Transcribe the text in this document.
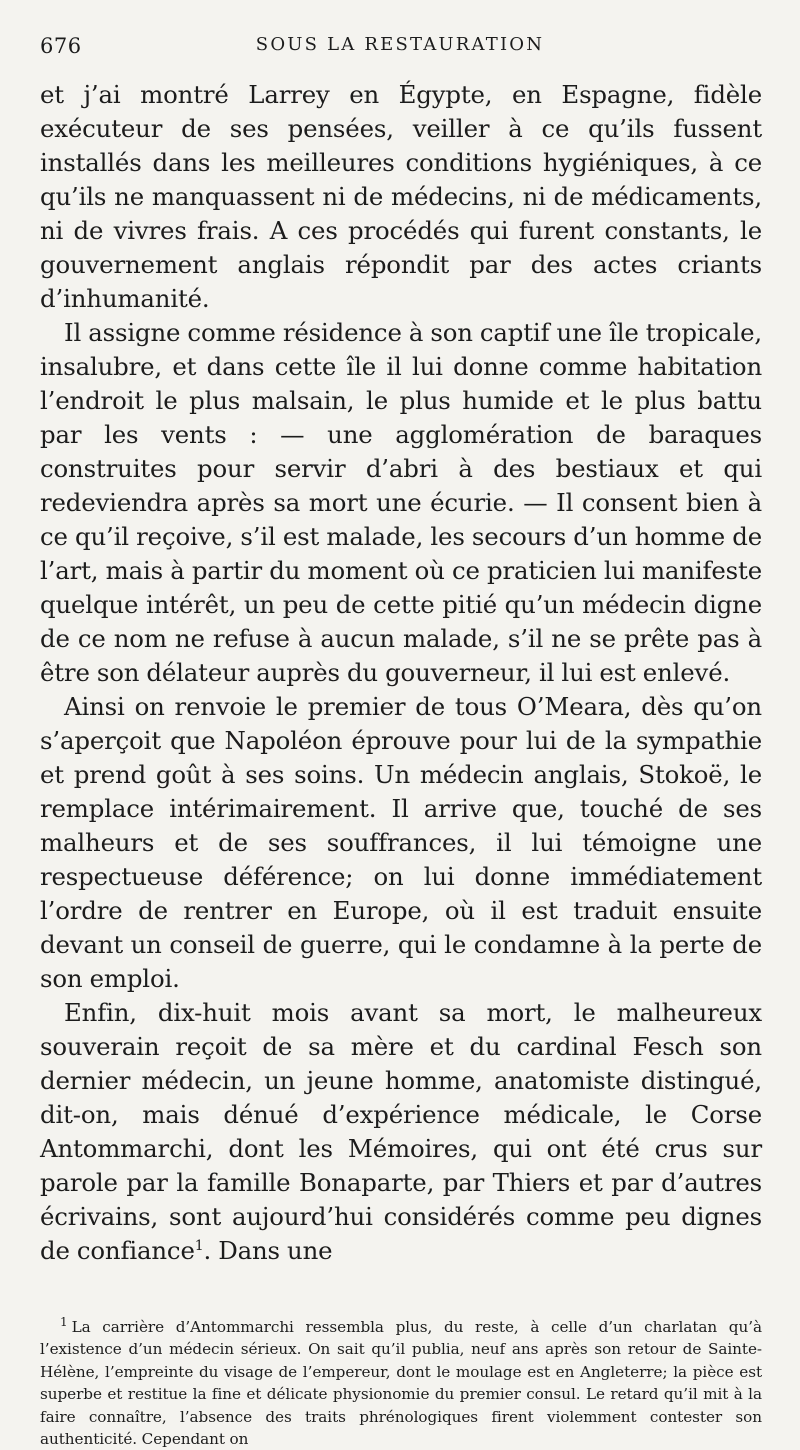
676	SOUS LA RESTAURATION

et j’ai montré Larrey en Égypte, en Espagne, fidèle exécuteur de ses pensées, veiller à ce qu’ils fussent installés dans les meilleures conditions hygiéniques, à ce qu’ils ne manquassent ni de médecins, ni de médicaments, ni de vivres frais. A ces procédés qui furent constants, le gouvernement anglais répondit par des actes criants d’inhumanité.

Il assigne comme résidence à son captif une île tropicale, insalubre, et dans cette île il lui donne comme habitation l’endroit le plus malsain, le plus humide et le plus battu par les vents : — une agglomération de baraques construites pour servir d’abri à des bestiaux et qui redeviendra après sa mort une écurie. — Il consent bien à ce qu’il reçoive, s’il est malade, les secours d’un homme de l’art, mais à partir du moment où ce praticien lui manifeste quelque intérêt, un peu de cette pitié qu’un médecin digne de ce nom ne refuse à aucun malade, s’il ne se prête pas à être son délateur auprès du gouverneur, il lui est enlevé.

Ainsi on renvoie le premier de tous O’Meara, dès qu’on s’aperçoit que Napoléon éprouve pour lui de la sympathie et prend goût à ses soins. Un médecin anglais, Stokoë, le remplace intérimairement. Il arrive que, touché de ses malheurs et de ses souffrances, il lui témoigne une respectueuse déférence; on lui donne immédiatement l’ordre de rentrer en Europe, où il est traduit ensuite devant un conseil de guerre, qui le condamne à la perte de son emploi.

Enfin, dix-huit mois avant sa mort, le malheureux souverain reçoit de sa mère et du cardinal Fesch son dernier médecin, un jeune homme, anatomiste distingué, dit-on, mais dénué d’expérience médicale, le Corse Antommarchi, dont les Mémoires, qui ont été crus sur parole par la famille Bonaparte, par Thiers et par d’autres écrivains, sont aujourd’hui considérés comme peu dignes de confiance$^1$. Dans une

$^1$ La carrière d’Antommarchi ressembla plus, du reste, à celle d’un charlatan qu’à l’existence d’un médecin sérieux. On sait qu’il publia, neuf ans après son retour de Sainte-Hélène, l’empreinte du visage de l’empereur, dont le moulage est en Angleterre; la pièce est superbe et restitue la fine et délicate physionomie du premier consul. Le retard qu’il mit à la faire connaître, l’absence des traits phrénologiques firent violemment contester son authenticité. Cependant on
